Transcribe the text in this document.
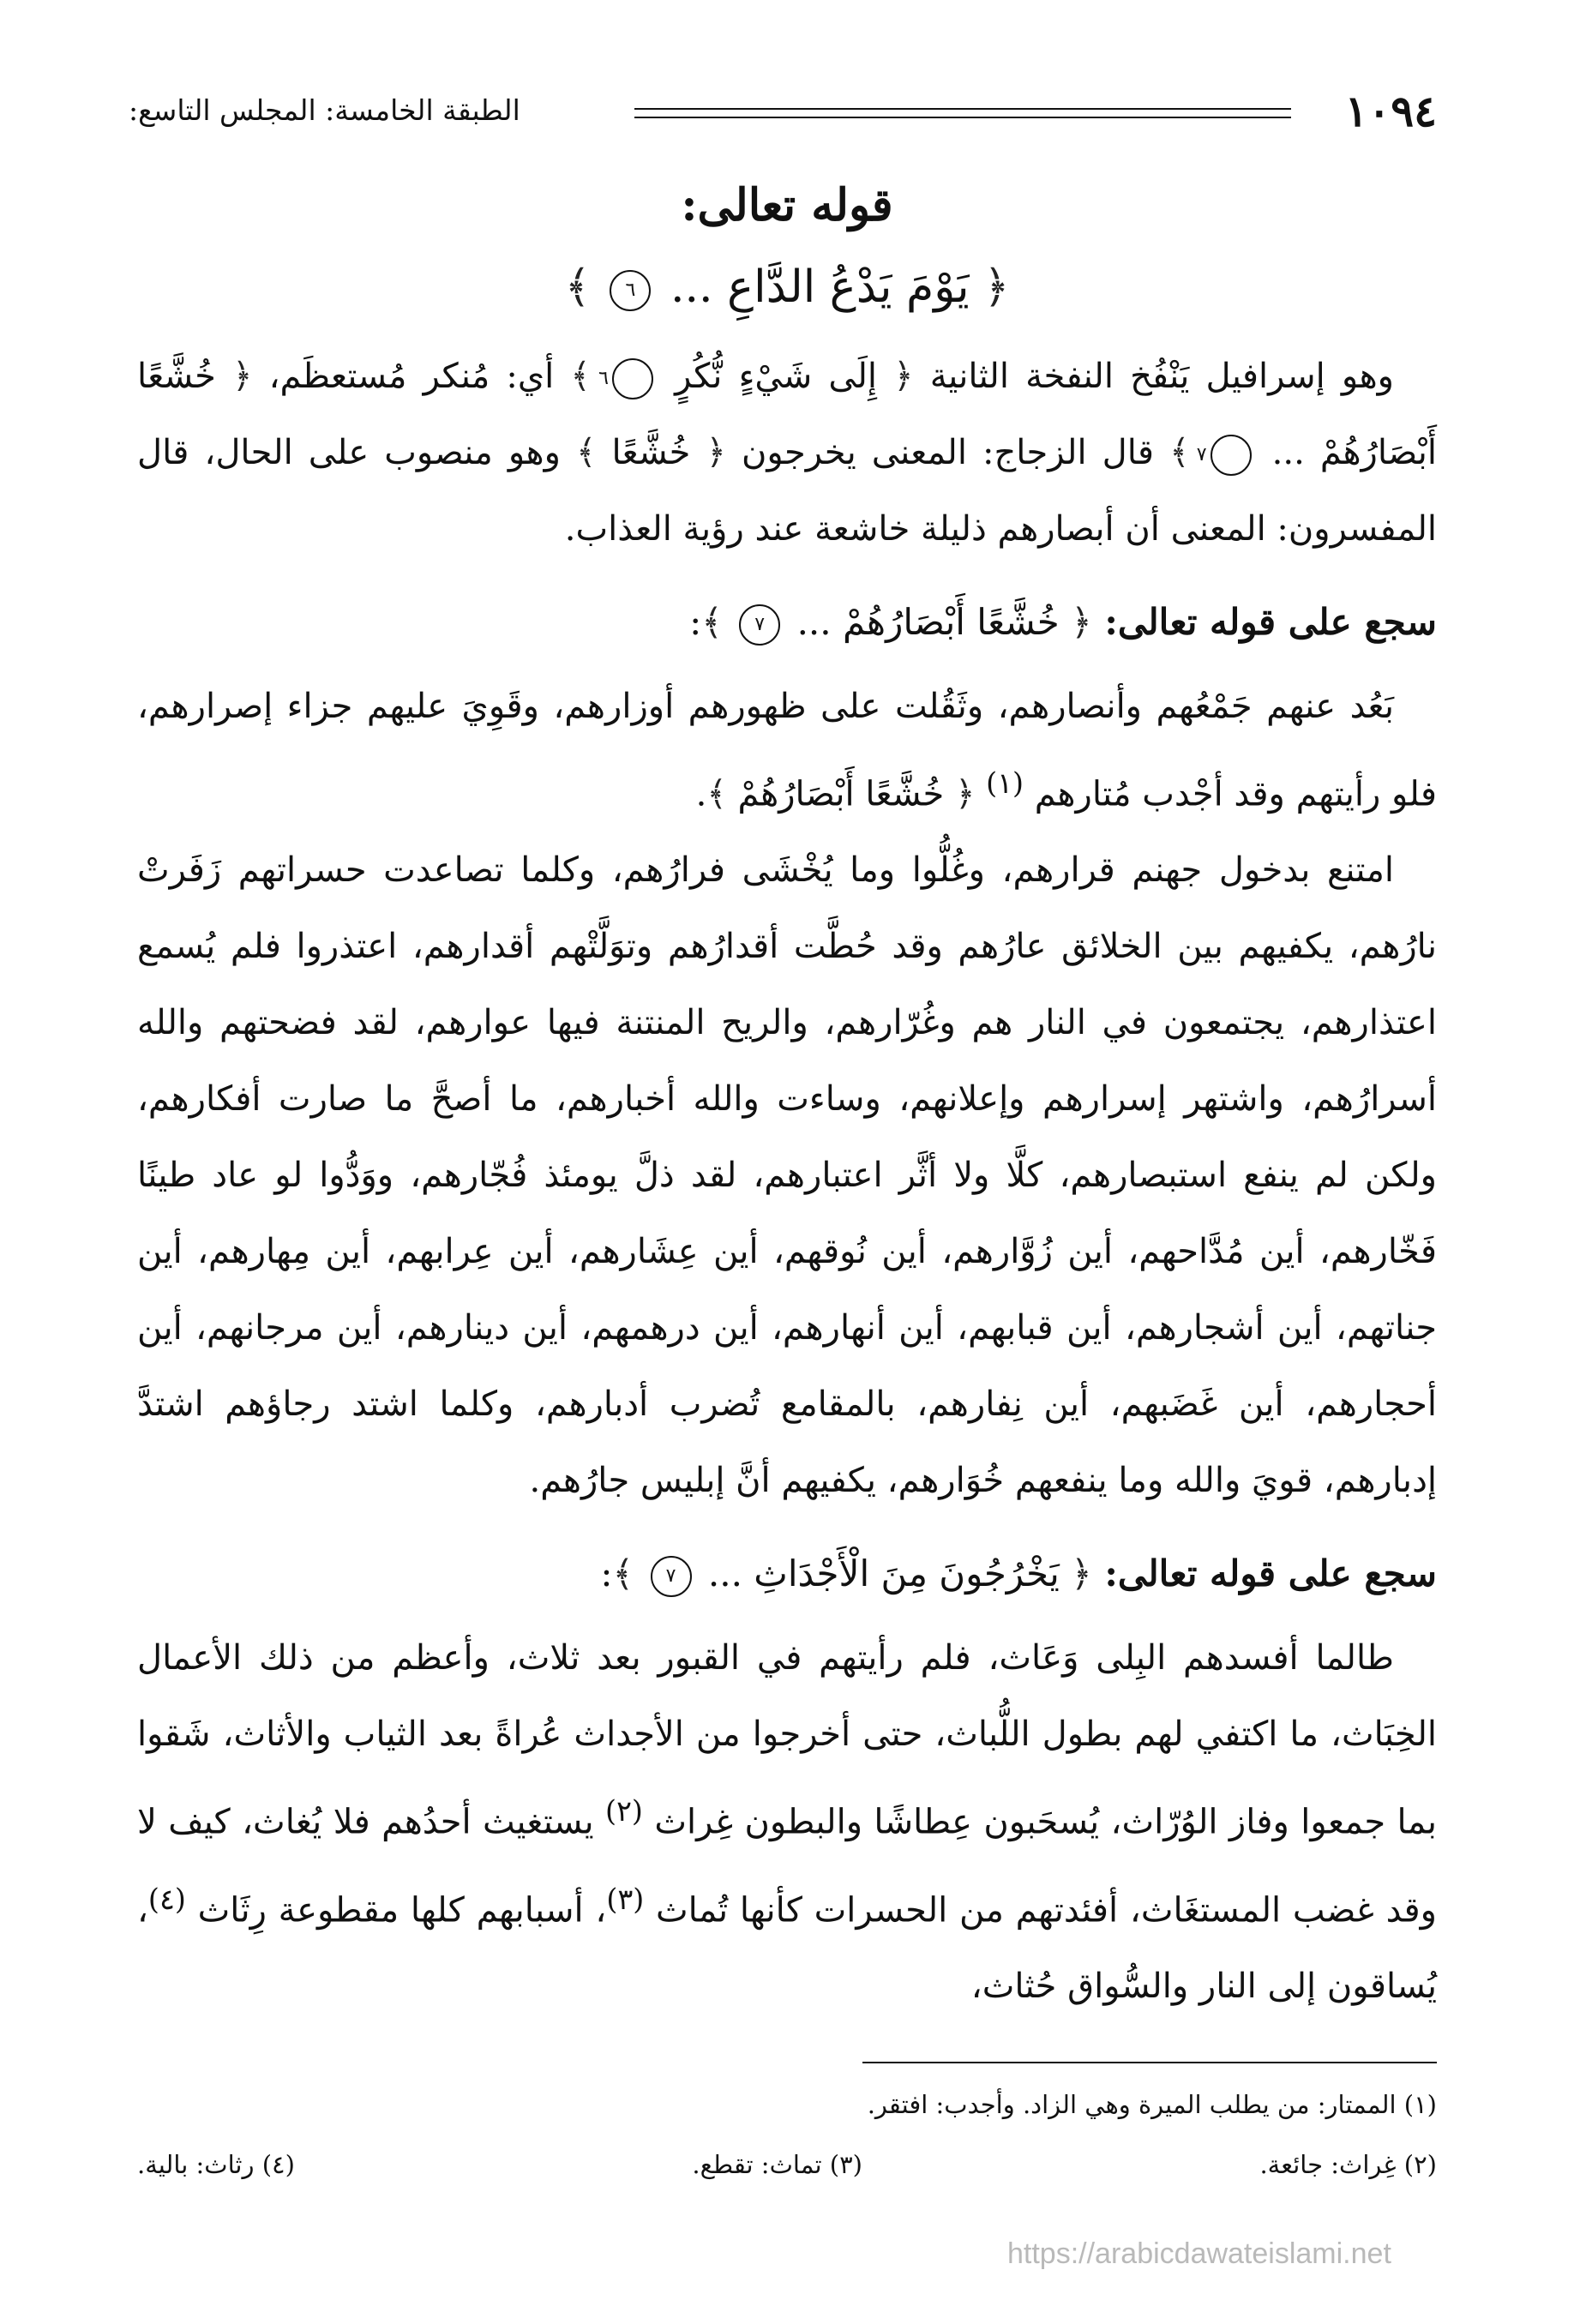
١٠٩٤
الطبقة الخامسة: المجلس التاسع:
قوله تعالى:

﴿ يَوْمَ يَدْعُ الدَّاعِ ... ٦ ﴾

وهو إسرافيل يَنْفُخ النفخة الثانية ﴿ إِلَى شَيْءٍ نُّكُرٍ ٦ ﴾ أي: مُنكر مُستعظَم، ﴿ خُشَّعًا أَبْصَارُهُمْ ... ٧ ﴾ قال الزجاج: المعنى يخرجون ﴿ خُشَّعًا ﴾ وهو منصوب على الحال، قال المفسرون: المعنى أن أبصارهم ذليلة خاشعة عند رؤية العذاب.

سجع على قوله تعالى: ﴿ خُشَّعًا أَبْصَارُهُمْ ... ٧ ﴾:

بَعُد عنهم جَمْعُهم وأنصارهم، وثَقُلت على ظهورهم أوزارهم، وقَوِيَ عليهم جزاء إصرارهم، فلو رأيتهم وقد أجْدب مُتارهم $^{(١)}$ ﴿ خُشَّعًا أَبْصَارُهُمْ ﴾.

امتنع بدخول جهنم قرارهم، وغُلُّوا وما يُخْشَى فرارُهم، وكلما تصاعدت حسراتهم زَفَرتْ نارُهم، يكفيهم بين الخلائق عارُهم وقد حُطَّت أقدارُهم وتوَلَّتْهم أقدارهم، اعتذروا فلم يُسمع اعتذارهم، يجتمعون في النار هم وغُرّارهم، والريح المنتنة فيها عوارهم، لقد فضحتهم والله أسرارُهم، واشتهر إسرارهم وإعلانهم، وساءت والله أخبارهم، ما أصحَّ ما صارت أفكارهم، ولكن لم ينفع استبصارهم، كلَّا ولا أثَّر اعتبارهم، لقد ذلَّ يومئذ فُجّارهم، ووَدُّوا لو عاد طينًا فَخّارهم، أين مُدَّاحهم، أين زُوَّارهم، أين نُوقهم، أين عِشَارهم، أين عِرابهم، أين مِهارهم، أين جناتهم، أين أشجارهم، أين قبابهم، أين أنهارهم، أين درهمهم، أين دينارهم، أين مرجانهم، أين أحجارهم، أين غَضَبهم، أين نِفارهم، بالمقامع تُضرب أدبارهم، وكلما اشتد رجاؤهم اشتدَّ إدبارهم، قويَ والله وما ينفعهم خُوَارهم، يكفيهم أنَّ إبليس جارُهم.

سجع على قوله تعالى: ﴿ يَخْرُجُونَ مِنَ الْأَجْدَاثِ ... ٧ ﴾:

طالما أفسدهم البِلى وَعَاث، فلم رأيتهم في القبور بعد ثلاث، وأعظم من ذلك الأعمال الخِبَاث، ما اكتفي لهم بطول اللُّباث، حتى أخرجوا من الأجداث عُراةً بعد الثياب والأثاث، شَقوا بما جمعوا وفاز الوُرّاث، يُسحَبون عِطاشًا والبطون غِراث $^{(٢)}$ يستغيث أحدُهم فلا يُغاث، كيف لا وقد غضب المستغَاث، أفئدتهم من الحسرات كأنها تُماث $^{(٣)}$، أسبابهم كلها مقطوعة رِثَاث $^{(٤)}$، يُساقون إلى النار والسُّواق حُثاث،

(١) الممتار: من يطلب الميرة وهي الزاد. وأجدب: افتقر.
(٢) غِراث: جائعة.
(٣) تماث: تقطع.
(٤) رثاث: بالية.
https://arabicdawateislami.net
